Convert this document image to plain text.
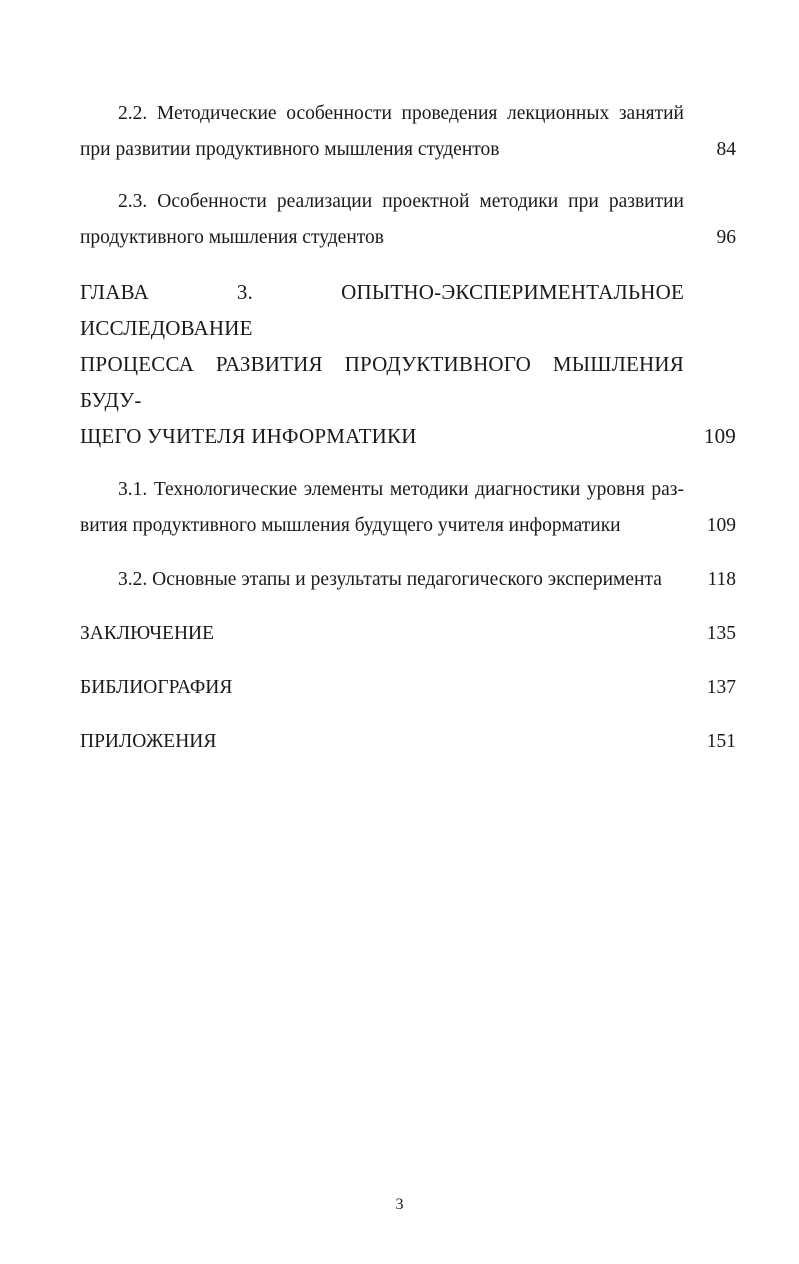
2.2. Методические особенности проведения лекционных занятий
при развитии продуктивного мышления студентов	84
2.3. Особенности реализации проектной методики при развитии
продуктивного мышления студентов	96
ГЛАВА 3. ОПЫТНО-ЭКСПЕРИМЕНТАЛЬНОЕ ИССЛЕДОВАНИЕ
ПРОЦЕССА РАЗВИТИЯ ПРОДУКТИВНОГО МЫШЛЕНИЯ БУДУ-
ЩЕГО УЧИТЕЛЯ ИНФОРМАТИКИ	109
3.1. Технологические элементы методики диагностики уровня раз-
вития продуктивного мышления будущего учителя информатики	109
3.2. Основные этапы и результаты педагогического эксперимента	118
ЗАКЛЮЧЕНИЕ	135
БИБЛИОГРАФИЯ	137
ПРИЛОЖЕНИЯ	151
3
